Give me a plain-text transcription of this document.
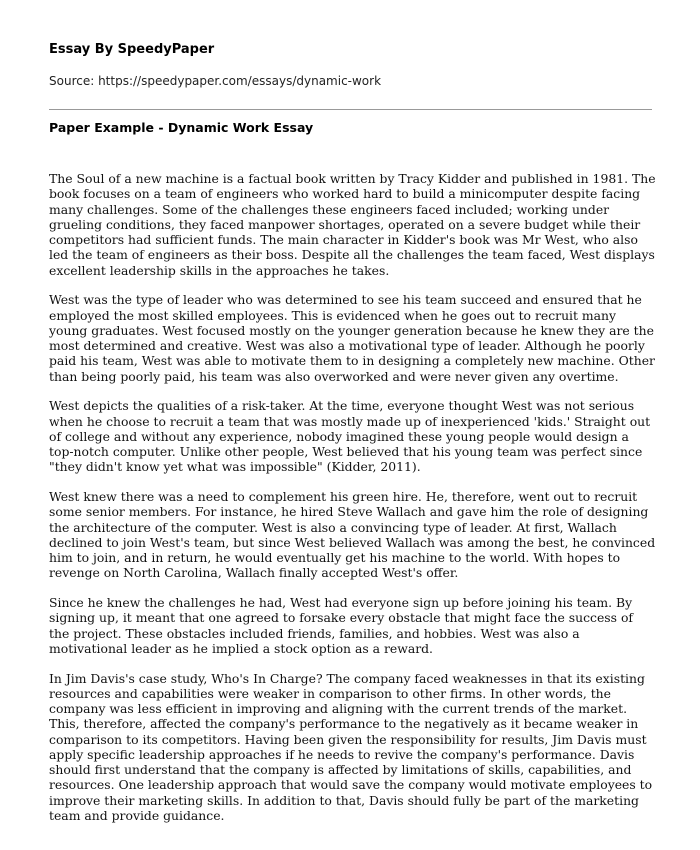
Essay By SpeedyPaper

Source: https://speedypaper.com/essays/dynamic-work

Paper Example - Dynamic Work Essay

The Soul of a new machine is a factual book written by Tracy Kidder and published in 1981. The book focuses on a team of engineers who worked hard to build a minicomputer despite facing many challenges. Some of the challenges these engineers faced included; working under grueling conditions, they faced manpower shortages, operated on a severe budget while their competitors had sufficient funds. The main character in Kidder's book was Mr West, who also led the team of engineers as their boss. Despite all the challenges the team faced, West displays excellent leadership skills in the approaches he takes.

West was the type of leader who was determined to see his team succeed and ensured that he employed the most skilled employees. This is evidenced when he goes out to recruit many young graduates. West focused mostly on the younger generation because he knew they are the most determined and creative. West was also a motivational type of leader. Although he poorly paid his team, West was able to motivate them to in designing a completely new machine. Other than being poorly paid, his team was also overworked and were never given any overtime.

West depicts the qualities of a risk-taker. At the time, everyone thought West was not serious when he choose to recruit a team that was mostly made up of inexperienced 'kids.' Straight out of college and without any experience, nobody imagined these young people would design a top-notch computer. Unlike other people, West believed that his young team was perfect since "they didn't know yet what was impossible" (Kidder, 2011).

West knew there was a need to complement his green hire. He, therefore, went out to recruit some senior members. For instance, he hired Steve Wallach and gave him the role of designing the architecture of the computer. West is also a convincing type of leader. At first, Wallach declined to join West's team, but since West believed Wallach was among the best, he convinced him to join, and in return, he would eventually get his machine to the world. With hopes to revenge on North Carolina, Wallach finally accepted West's offer.

Since he knew the challenges he had, West had everyone sign up before joining his team. By signing up, it meant that one agreed to forsake every obstacle that might face the success of the project. These obstacles included friends, families, and hobbies. West was also a motivational leader as he implied a stock option as a reward.

In Jim Davis's case study, Who's In Charge? The company faced weaknesses in that its existing resources and capabilities were weaker in comparison to other firms. In other words, the company was less efficient in improving and aligning with the current trends of the market. This, therefore, affected the company's performance to the negatively as it became weaker in comparison to its competitors. Having been given the responsibility for results, Jim Davis must apply specific leadership approaches if he needs to revive the company's performance. Davis should first understand that the company is affected by limitations of skills, capabilities, and resources. One leadership approach that would save the company would motivate employees to improve their marketing skills. In addition to that, Davis should fully be part of the marketing team and provide guidance.
